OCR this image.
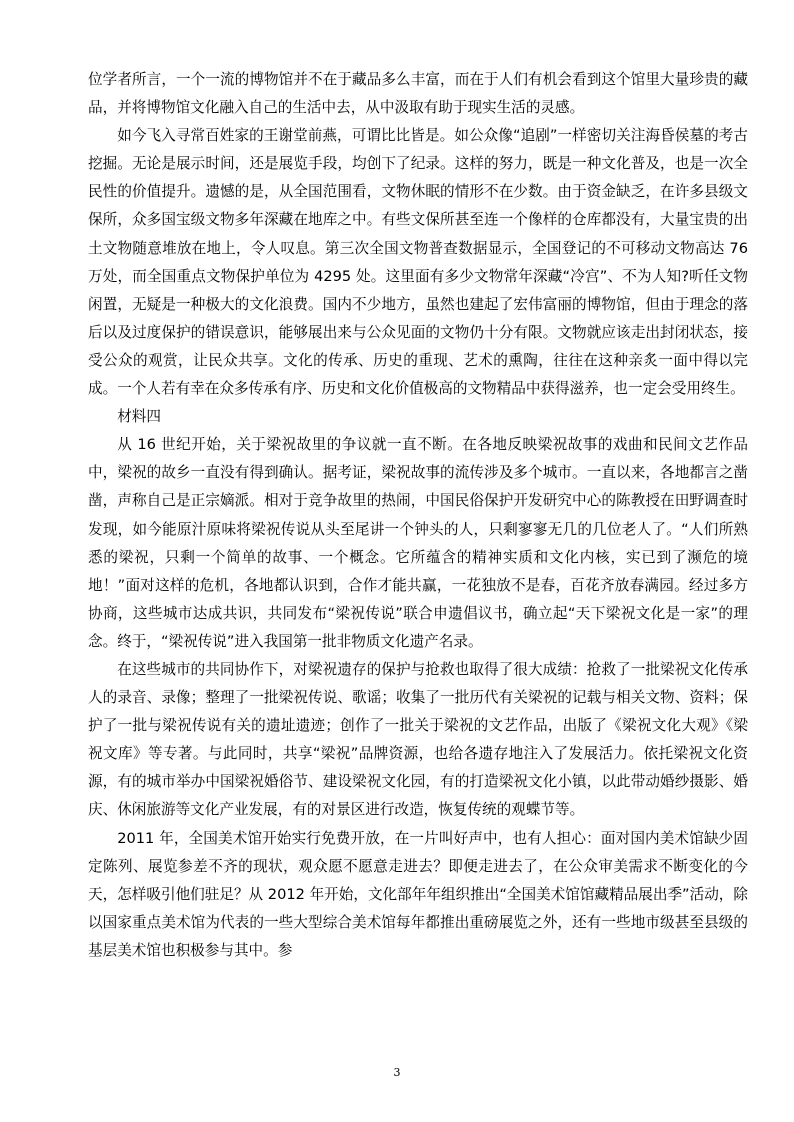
位学者所言，一个一流的博物馆并不在于藏品多么丰富，而在于人们有机会看到这个馆里大量珍贵的藏品，并将博物馆文化融入自己的生活中去，从中汲取有助于现实生活的灵感。

如今飞入寻常百姓家的王谢堂前燕，可谓比比皆是。如公众像“追剧”一样密切关注海昏侯墓的考古挖掘。无论是展示时间，还是展览手段，均创下了纪录。这样的努力，既是一种文化普及，也是一次全民性的价值提升。遗憾的是，从全国范围看，文物休眠的情形不在少数。由于资金缺乏，在许多县级文保所，众多国宝级文物多年深藏在地库之中。有些文保所甚至连一个像样的仓库都没有，大量宝贵的出土文物随意堆放在地上，令人叹息。第三次全国文物普查数据显示，全国登记的不可移动文物高达 76 万处，而全国重点文物保护单位为 4295 处。这里面有多少文物常年深藏“冷宫”、不为人知?听任文物闲置，无疑是一种极大的文化浪费。国内不少地方，虽然也建起了宏伟富丽的博物馆，但由于理念的落后以及过度保护的错误意识，能够展出来与公众见面的文物仍十分有限。文物就应该走出封闭状态，接受公众的观赏，让民众共享。文化的传承、历史的重现、艺术的熏陶，往往在这种亲炙一面中得以完成。一个人若有幸在众多传承有序、历史和文化价值极高的文物精品中获得滋养，也一定会受用终生。

材料四

从 16 世纪开始，关于梁祝故里的争议就一直不断。在各地反映梁祝故事的戏曲和民间文艺作品中，梁祝的故乡一直没有得到确认。据考证，梁祝故事的流传涉及多个城市。一直以来，各地都言之凿凿，声称自己是正宗嫡派。相对于竞争故里的热闹，中国民俗保护开发研究中心的陈教授在田野调查时发现，如今能原汁原味将梁祝传说从头至尾讲一个钟头的人，只剩寥寥无几的几位老人了。“人们所熟悉的梁祝，只剩一个简单的故事、一个概念。它所蕴含的精神实质和文化内核，实已到了濒危的境地！”面对这样的危机，各地都认识到，合作才能共赢，一花独放不是春，百花齐放春满园。经过多方协商，这些城市达成共识，共同发布“梁祝传说”联合申遗倡议书，确立起“天下梁祝文化是一家”的理念。终于，“梁祝传说”进入我国第一批非物质文化遗产名录。

在这些城市的共同协作下，对梁祝遗存的保护与抢救也取得了很大成绩：抢救了一批梁祝文化传承人的录音、录像；整理了一批梁祝传说、歌谣；收集了一批历代有关梁祝的记载与相关文物、资料；保护了一批与梁祝传说有关的遗址遗迹；创作了一批关于梁祝的文艺作品，出版了《梁祝文化大观》《梁祝文库》等专著。与此同时，共享“梁祝”品牌资源，也给各遗存地注入了发展活力。依托梁祝文化资源，有的城市举办中国梁祝婚俗节、建设梁祝文化园，有的打造梁祝文化小镇，以此带动婚纱摄影、婚庆、休闲旅游等文化产业发展，有的对景区进行改造，恢复传统的观蝶节等。

2011 年，全国美术馆开始实行免费开放，在一片叫好声中，也有人担心：面对国内美术馆缺少固定陈列、展览参差不齐的现状，观众愿不愿意走进去？即便走进去了，在公众审美需求不断变化的今天，怎样吸引他们驻足？从 2012 年开始，文化部年年组织推出“全国美术馆馆藏精品展出季”活动，除以国家重点美术馆为代表的一些大型综合美术馆每年都推出重磅展览之外，还有一些地市级甚至县级的基层美术馆也积极参与其中。参

3
